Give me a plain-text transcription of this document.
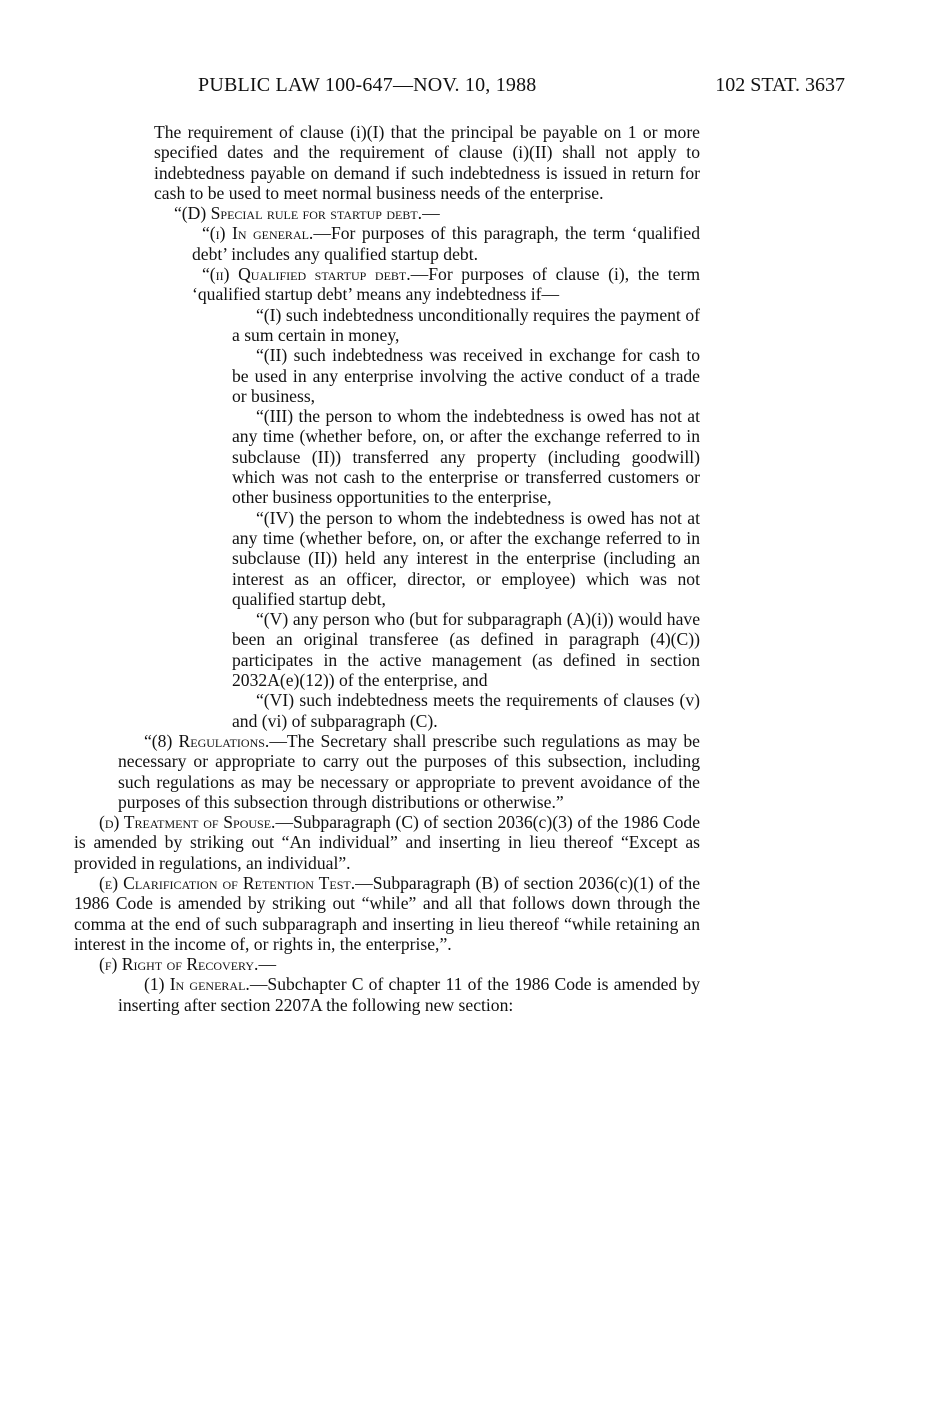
PUBLIC LAW 100-647—NOV. 10, 1988	102 STAT. 3637

The requirement of clause (i)(I) that the principal be payable on 1 or more specified dates and the requirement of clause (i)(II) shall not apply to indebtedness payable on demand if such indebtedness is issued in return for cash to be used to meet normal business needs of the enterprise.

“(D) Special rule for startup debt.—

“(i) In general.—For purposes of this paragraph, the term ‘qualified debt’ includes any qualified startup debt.

“(ii) Qualified startup debt.—For purposes of clause (i), the term ‘qualified startup debt’ means any indebtedness if—

“(I) such indebtedness unconditionally requires the payment of a sum certain in money,

“(II) such indebtedness was received in exchange for cash to be used in any enterprise involving the active conduct of a trade or business,

“(III) the person to whom the indebtedness is owed has not at any time (whether before, on, or after the exchange referred to in subclause (II)) transferred any property (including goodwill) which was not cash to the enterprise or transferred customers or other business opportunities to the enterprise,

“(IV) the person to whom the indebtedness is owed has not at any time (whether before, on, or after the exchange referred to in subclause (II)) held any interest in the enterprise (including an interest as an officer, director, or employee) which was not qualified startup debt,

“(V) any person who (but for subparagraph (A)(i)) would have been an original transferee (as defined in paragraph (4)(C)) participates in the active management (as defined in section 2032A(e)(12)) of the enterprise, and

“(VI) such indebtedness meets the requirements of clauses (v) and (vi) of subparagraph (C).

“(8) Regulations.—The Secretary shall prescribe such regulations as may be necessary or appropriate to carry out the purposes of this subsection, including such regulations as may be necessary or appropriate to prevent avoidance of the purposes of this subsection through distributions or otherwise.”

(d) Treatment of Spouse.—Subparagraph (C) of section 2036(c)(3) of the 1986 Code is amended by striking out “An individual” and inserting in lieu thereof “Except as provided in regulations, an individual”.

(e) Clarification of Retention Test.—Subparagraph (B) of section 2036(c)(1) of the 1986 Code is amended by striking out “while” and all that follows down through the comma at the end of such subparagraph and inserting in lieu thereof “while retaining an interest in the income of, or rights in, the enterprise,”.

(f) Right of Recovery.—

(1) In general.—Subchapter C of chapter 11 of the 1986 Code is amended by inserting after section 2207A the following new section:
